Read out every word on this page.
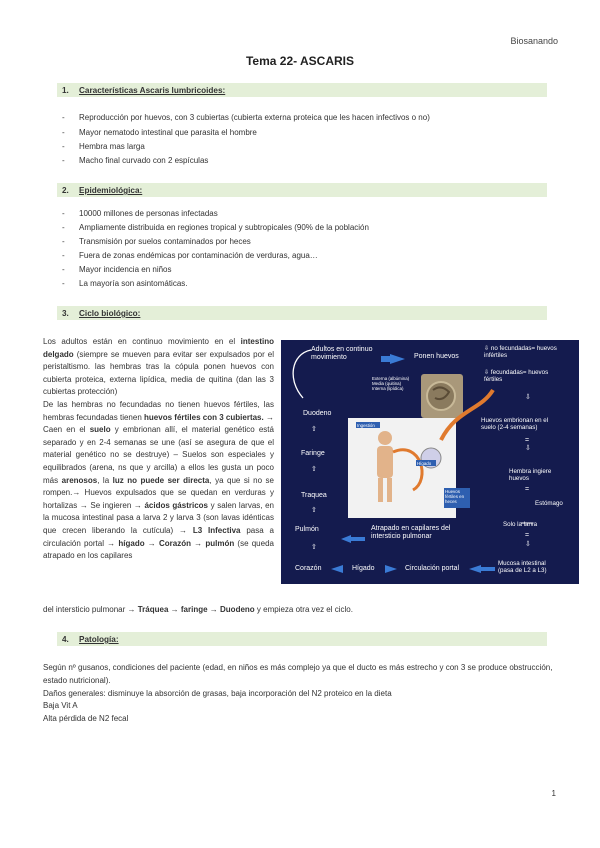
Biosanando
Tema 22- ASCARIS
1. Características Ascaris lumbricoides:
- Reproducción por huevos, con 3 cubiertas (cubierta externa proteica que les hacen infectivos o no)
- Mayor nematodo intestinal que parasita el hombre
- Hembra mas larga
- Macho final curvado con 2 espículas
2. Epidemiológica:
- 10000 millones de personas infectadas
- Ampliamente distribuida en regiones tropical y subtropicales (90% de la población
- Transmisión por suelos contaminados por heces
- Fuera de zonas endémicas por contaminación de verduras, agua…
- Mayor incidencia en niños
- La mayoría son asintomáticas.
3. Ciclo biológico:

Los adultos están en continuo movimiento en el intestino delgado (siempre se mueven para evitar ser expulsados por el peristaltismo. las hembras tras la cópula ponen huevos con cubierta proteica, externa lipídica, media de quitina (dan las 3 cubiertas protección)

De las hembras no fecundadas no tienen huevos fértiles, las hembras fecundadas tienen huevos fértiles con 3 cubiertas. → Caen en el suelo y embrionan allí, el material genético está separado y en 2-4 semanas se une (así se asegura de que el material genético no se destruye) – Suelos son especiales y equilibrados (arena, ns que y arcilla) a ellos les gusta un poco más arenosos, la luz no puede ser directa, ya que si no se rompen.→ Huevos expulsados que se quedan en verduras y hortalizas → Se ingieren → ácidos gástricos y salen larvas, en la mucosa intestinal pasa a larva 2 y larva 3 (son lavas idénticas que crecen liberando la cutícula) → L3 Infectiva pasa a circulación portal → hígado → Corazón → pulmón (se queda atrapado en los capilares

del intersticio pulmonar → Tráquea → faringe → Duodeno y empieza otra vez el ciclo.
Adultos en continuo
movimiento	Ponen huevos
⇩ no fecundadas= huevos
infértiles
⇩ fecundadas= huevos
fértiles
Externa (albúmina)
Media (quitina)
Interna (lipídica)
Duodeno
⇧
Faringe
⇧
Traquea
⇧
Pulmón
⇧
Corazón	Hígado	Circulación portal
Atrapado en capilares del
intersticio pulmonar
⇩
Huevos embrionan en el
suelo (2-4 semanas)
=
⇩
Hembra ingiere
huevos
=
Estómago
Solo la larva
=
⇩
Mucosa intestinal
(pasa de L2 a L3)
Ingestión
Hígado
Huevos
fértiles en
heces
4. Patología:

Según nº gusanos, condiciones del paciente (edad, en niños es más complejo ya que el ducto es más estrecho y con 3 se produce obstrucción, estado nutricional).

Daños generales: disminuye la absorción de grasas, baja incorporación del N2 proteico en la dieta

Baja Vit A

Alta pérdida de N2 fecal

1
